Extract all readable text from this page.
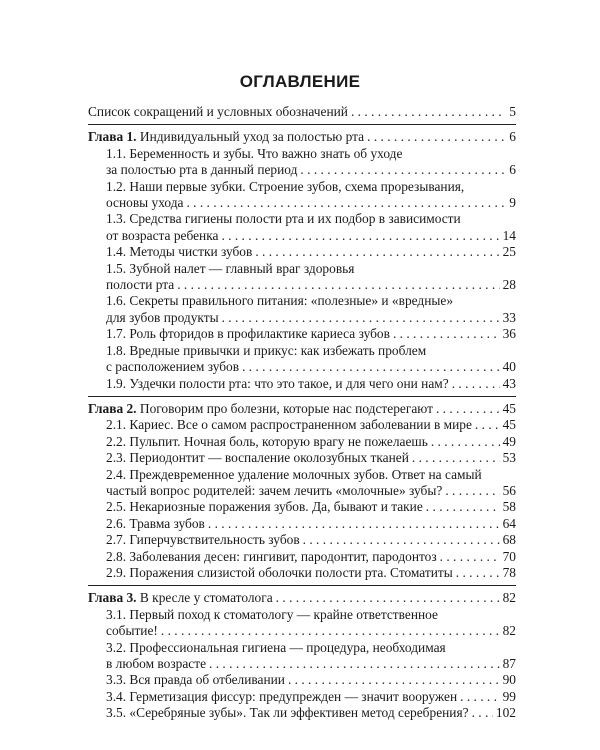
ОГЛАВЛЕНИЕ
Список сокращений и условных обозначений . . .	5
Глава 1. Индивидуальный уход за полостью рта . . .	6
1.1. Беременность и зубы. Что важно знать об уходе
за полостью рта в данный период . . .	6
1.2. Наши первые зубки. Строение зубов, схема прорезывания,
основы ухода . . .	9
1.3. Средства гигиены полости рта и их подбор в зависимости
от возраста ребенка . . .	14
1.4. Методы чистки зубов . . .	25
1.5. Зубной налет — главный враг здоровья
полости рта . . .	28
1.6. Секреты правильного питания: «полезные» и «вредные»
для зубов продукты . . .	33
1.7. Роль фторидов в профилактике кариеса зубов . . .	36
1.8. Вредные привычки и прикус: как избежать проблем
с расположением зубов . . .	40
1.9. Уздечки полости рта: что это такое, и для чего они нам? . . .	43
Глава 2. Поговорим про болезни, которые нас подстерегают . . .	45
2.1. Кариес. Все о самом распространенном заболевании в мире . . . 45
2.2. Пульпит. Ночная боль, которую врагу не пожелаешь . . .	49
2.3. Периодонтит — воспаление околозубных тканей . . .	53
2.4. Преждевременное удаление молочных зубов. Ответ на самый
частый вопрос родителей: зачем лечить «молочные» зубы? . . .	56
2.5. Некариозные поражения зубов. Да, бывают и такие . . .	58
2.6. Травма зубов . . .	64
2.7. Гиперчувствительность зубов . . .	68
2.8. Заболевания десен: гингивит, пародонтит, пародонтоз . . .	70
2.9. Поражения слизистой оболочки полости рта. Стоматиты . . .	78
Глава 3. В кресле у стоматолога . . .	82
3.1. Первый поход к стоматологу — крайне ответственное
событие! . . .	82
3.2. Профессиональная гигиена — процедура, необходимая
в любом возрасте . . .	87
3.3. Вся правда об отбеливании . . .	90
3.4. Герметизация фиссур: предупрежден — значит вооружен . . .	99
3.5. «Серебряные зубы». Так ли эффективен метод серебрения? . . . 102
